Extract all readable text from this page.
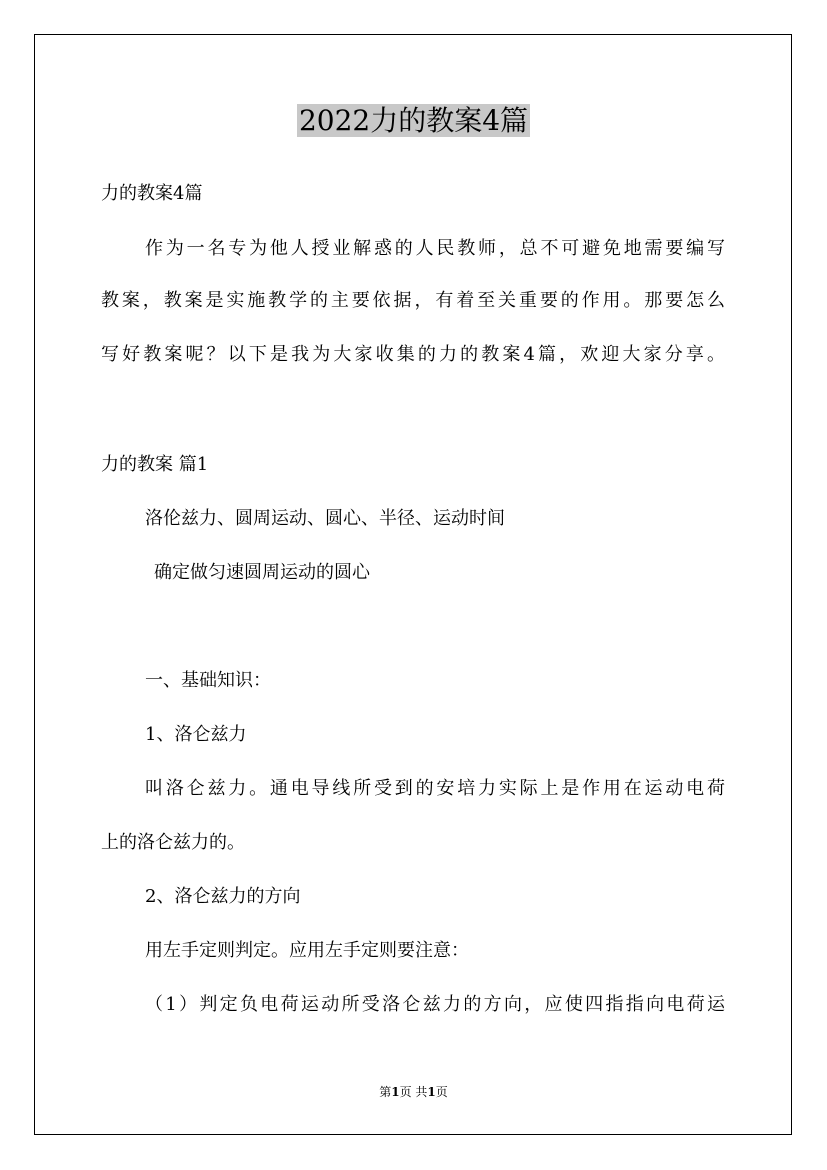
2022力的教案4篇
力的教案4篇
作为一名专为他人授业解惑的人民教师，总不可避免地需要编写
教案，教案是实施教学的主要依据，有着至关重要的作用。那要怎么
写好教案呢？以下是我为大家收集的力的教案4篇，欢迎大家分享。
力的教案 篇1
洛伦兹力、圆周运动、圆心、半径、运动时间
确定做匀速圆周运动的圆心
一、基础知识：
1、洛仑兹力
叫洛仑兹力。通电导线所受到的安培力实际上是作用在运动电荷
上的洛仑兹力的。
2、洛仑兹力的方向
用左手定则判定。应用左手定则要注意：
（1）判定负电荷运动所受洛仑兹力的方向，应使四指指向电荷运
第1页 共1页
